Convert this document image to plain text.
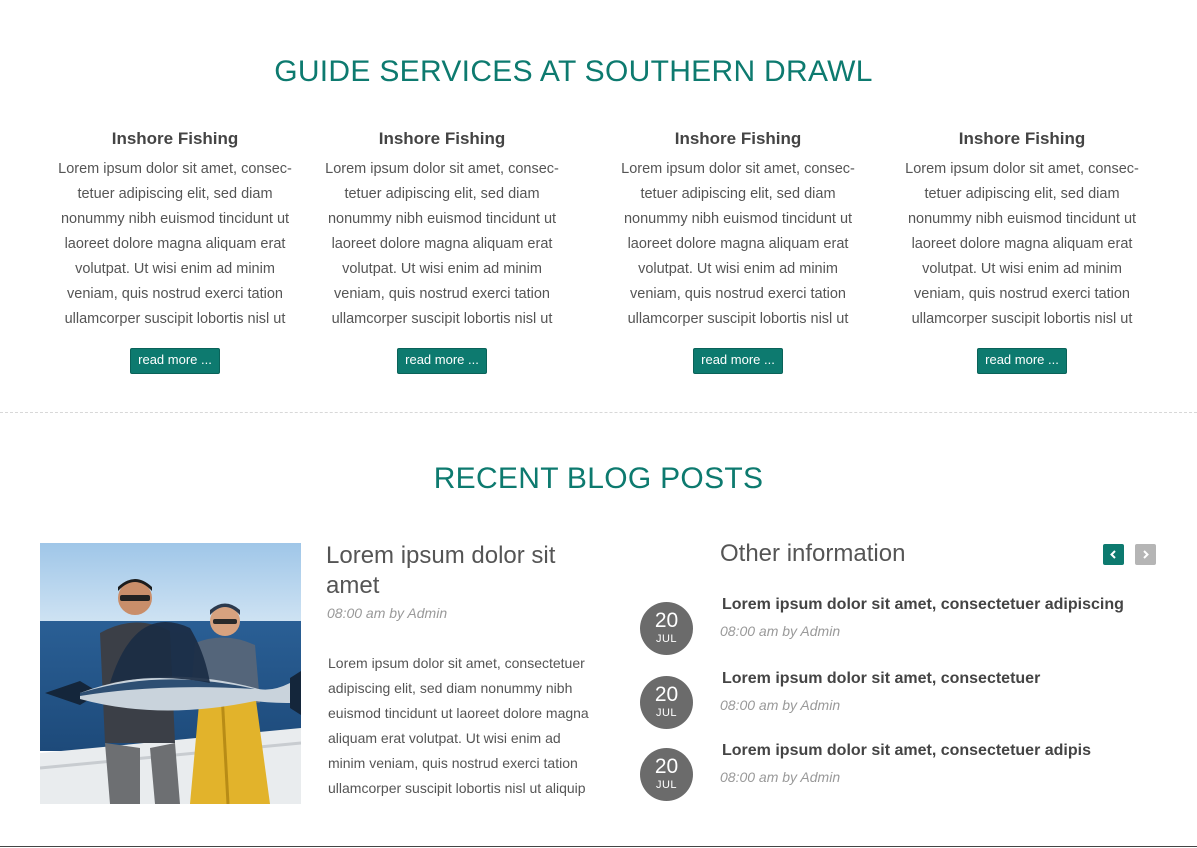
GUIDE SERVICES AT SOUTHERN DRAWL
Inshore Fishing

Lorem ipsum dolor sit amet, consec-tetuer adipiscing elit, sed diam nonummy nibh euismod tincidunt ut laoreet dolore magna aliquam erat volutpat. Ut wisi enim ad minim veniam, quis nostrud exerci tation ullamcorper suscipit lobortis nisl ut

read more ...
Inshore Fishing

Lorem ipsum dolor sit amet, consec-tetuer adipiscing elit, sed diam nonummy nibh euismod tincidunt ut laoreet dolore magna aliquam erat volutpat. Ut wisi enim ad minim veniam, quis nostrud exerci tation ullamcorper suscipit lobortis nisl ut

read more ...
Inshore Fishing

Lorem ipsum dolor sit amet, consec-tetuer adipiscing elit, sed diam nonummy nibh euismod tincidunt ut laoreet dolore magna aliquam erat volutpat. Ut wisi enim ad minim veniam, quis nostrud exerci tation ullamcorper suscipit lobortis nisl ut

read more ...
Inshore Fishing

Lorem ipsum dolor sit amet, consec-tetuer adipiscing elit, sed diam nonummy nibh euismod tincidunt ut laoreet dolore magna aliquam erat volutpat. Ut wisi enim ad minim veniam, quis nostrud exerci tation ullamcorper suscipit lobortis nisl ut

read more ...
RECENT BLOG POSTS
Lorem ipsum dolor sit amet
08:00 am by Admin

Lorem ipsum dolor sit amet, consectetuer adipiscing elit, sed diam nonummy nibh euismod tincidunt ut laoreet dolore magna aliquam erat volutpat. Ut wisi enim ad minim veniam, quis nostrud exerci tation ullamcorper suscipit lobortis nisl ut aliquip

Other information
20
JUL
Lorem ipsum dolor sit amet, consectetuer adipiscing
08:00 am by Admin
20
JUL
Lorem ipsum dolor sit amet, consectetuer
08:00 am by Admin
20
JUL
Lorem ipsum dolor sit amet, consectetuer adipis
08:00 am by Admin
